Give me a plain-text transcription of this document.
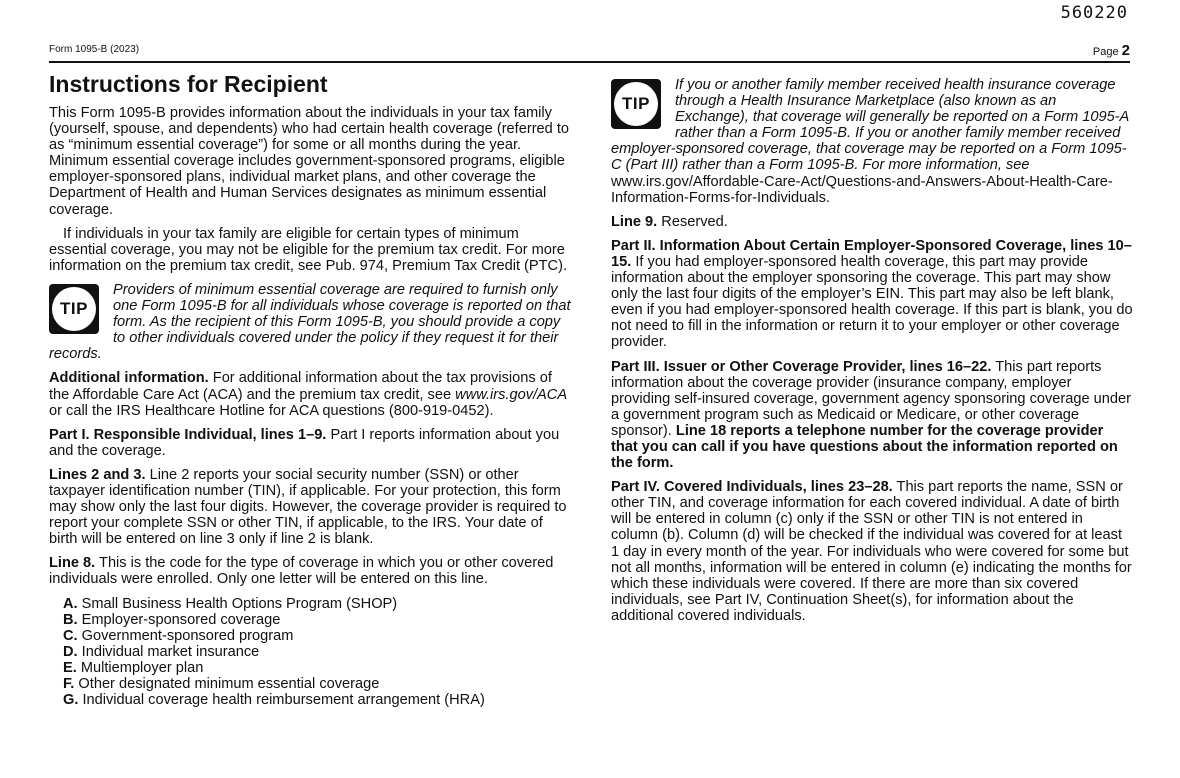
560220
Form 1095-B (2023)	Page 2
Instructions for Recipient

This Form 1095-B provides information about the individuals in your tax family (yourself, spouse, and dependents) who had certain health coverage (referred to as “minimum essential coverage”) for some or all months during the year. Minimum essential coverage includes government-sponsored programs, eligible employer-sponsored plans, individual market plans, and other coverage the Department of Health and Human Services designates as minimum essential coverage.

If individuals in your tax family are eligible for certain types of minimum essential coverage, you may not be eligible for the premium tax credit. For more information on the premium tax credit, see Pub. 974, Premium Tax Credit (PTC).

TIP
Providers of minimum essential coverage are required to furnish only one Form 1095-B for all individuals whose coverage is reported on that form. As the recipient of this Form 1095-B, you should provide a copy to other individuals covered under the policy if they request it for their records.

Additional information. For additional information about the tax provisions of the Affordable Care Act (ACA) and the premium tax credit, see www.irs.gov/ACA or call the IRS Healthcare Hotline for ACA questions (800-919-0452).

Part I. Responsible Individual, lines 1–9. Part I reports information about you and the coverage.

Lines 2 and 3. Line 2 reports your social security number (SSN) or other taxpayer identification number (TIN), if applicable. For your protection, this form may show only the last four digits. However, the coverage provider is required to report your complete SSN or other TIN, if applicable, to the IRS. Your date of birth will be entered on line 3 only if line 2 is blank.

Line 8. This is the code for the type of coverage in which you or other covered individuals were enrolled. Only one letter will be entered on this line.

A. Small Business Health Options Program (SHOP)
B. Employer-sponsored coverage
C. Government-sponsored program
D. Individual market insurance
E. Multiemployer plan
F. Other designated minimum essential coverage
G. Individual coverage health reimbursement arrangement (HRA)
TIP
If you or another family member received health insurance coverage through a Health Insurance Marketplace (also known as an Exchange), that coverage will generally be reported on a Form 1095-A rather than a Form 1095-B. If you or another family member received employer-sponsored coverage, that coverage may be reported on a Form 1095-C (Part III) rather than a Form 1095-B. For more information, see www.irs.gov/Affordable-Care-Act/Questions-and-Answers-About-Health-Care-Information-Forms-for-Individuals.

Line 9. Reserved.

Part II. Information About Certain Employer-Sponsored Coverage, lines 10–15. If you had employer-sponsored health coverage, this part may provide information about the employer sponsoring the coverage. This part may show only the last four digits of the employer’s EIN. This part may also be left blank, even if you had employer-sponsored health coverage. If this part is blank, you do not need to fill in the information or return it to your employer or other coverage provider.

Part III. Issuer or Other Coverage Provider, lines 16–22. This part reports information about the coverage provider (insurance company, employer providing self-insured coverage, government agency sponsoring coverage under a government program such as Medicaid or Medicare, or other coverage sponsor). Line 18 reports a telephone number for the coverage provider that you can call if you have questions about the information reported on the form.

Part IV. Covered Individuals, lines 23–28. This part reports the name, SSN or other TIN, and coverage information for each covered individual. A date of birth will be entered in column (c) only if the SSN or other TIN is not entered in column (b). Column (d) will be checked if the individual was covered for at least 1 day in every month of the year. For individuals who were covered for some but not all months, information will be entered in column (e) indicating the months for which these individuals were covered. If there are more than six covered individuals, see Part IV, Continuation Sheet(s), for information about the additional covered individuals.
